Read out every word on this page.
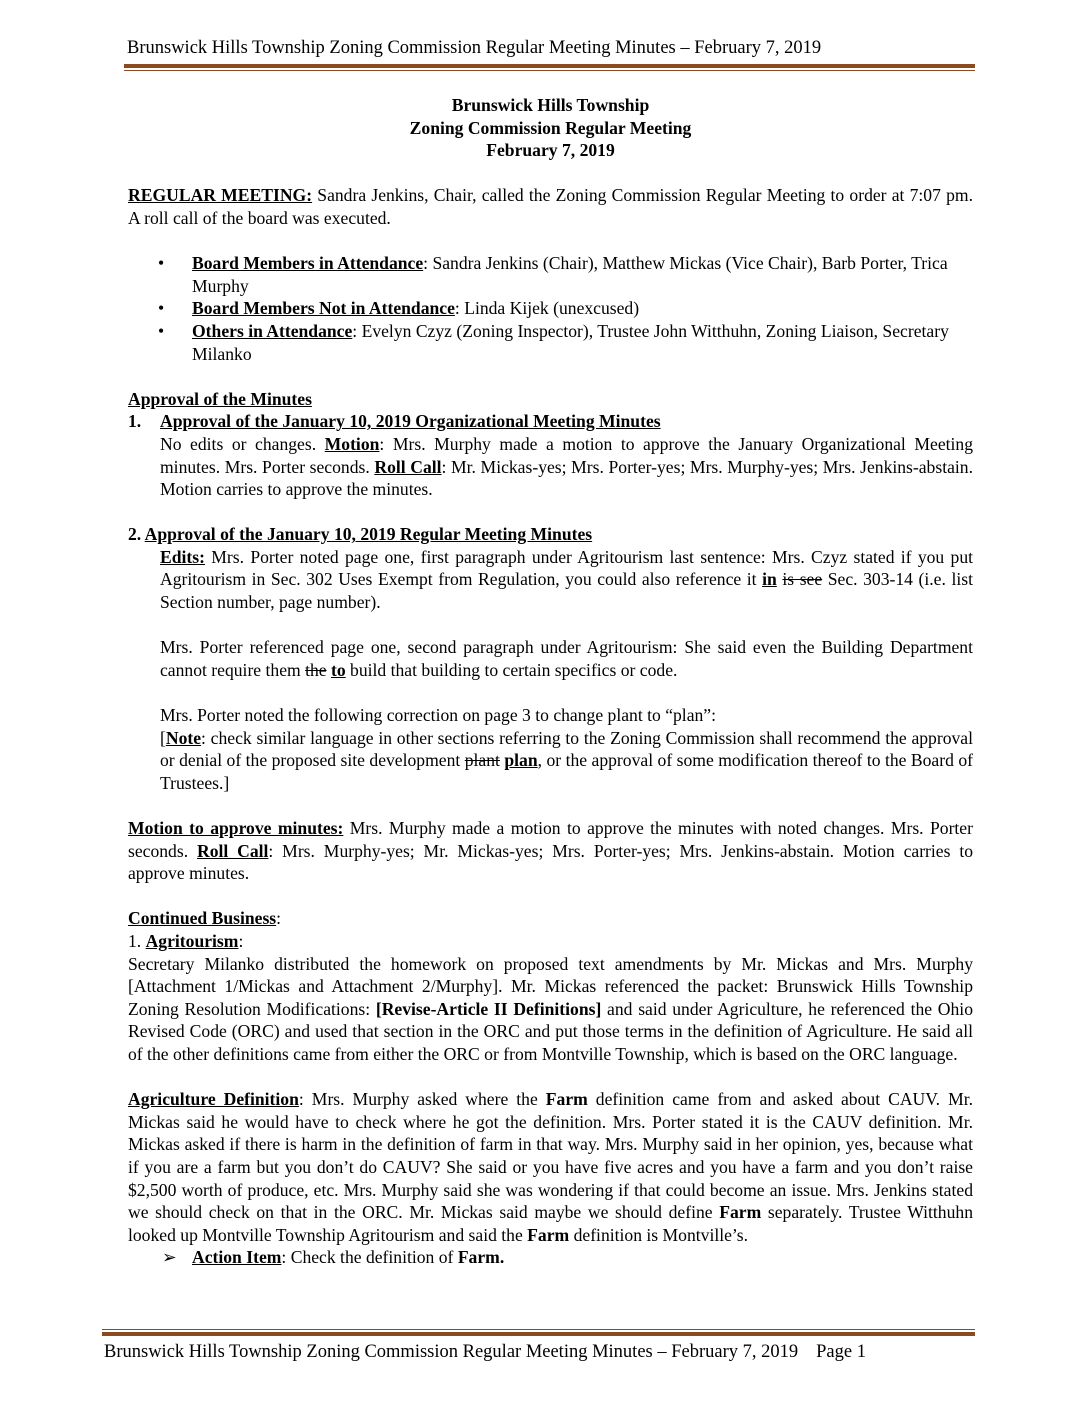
Brunswick Hills Township Zoning Commission Regular Meeting Minutes – February 7, 2019
Brunswick Hills Township
Zoning Commission Regular Meeting
February 7, 2019

REGULAR MEETING: Sandra Jenkins, Chair, called the Zoning Commission Regular Meeting to order at 7:07 pm. A roll call of the board was executed.

• Board Members in Attendance: Sandra Jenkins (Chair), Matthew Mickas (Vice Chair), Barb Porter, Trica Murphy
• Board Members Not in Attendance: Linda Kijek (unexcused)
• Others in Attendance: Evelyn Czyz (Zoning Inspector), Trustee John Witthuhn, Zoning Liaison, Secretary Milanko

Approval of the Minutes

1.	Approval of the January 10, 2019 Organizational Meeting Minutes

No edits or changes. Motion: Mrs. Murphy made a motion to approve the January Organizational Meeting minutes. Mrs. Porter seconds. Roll Call: Mr. Mickas-yes; Mrs. Porter-yes; Mrs. Murphy-yes; Mrs. Jenkins-abstain. Motion carries to approve the minutes.

2. Approval of the January 10, 2019 Regular Meeting Minutes

Edits: Mrs. Porter noted page one, first paragraph under Agritourism last sentence: Mrs. Czyz stated if you put Agritourism in Sec. 302 Uses Exempt from Regulation, you could also reference it in is see Sec. 303-14 (i.e. list Section number, page number).

Mrs. Porter referenced page one, second paragraph under Agritourism: She said even the Building Department cannot require them the to build that building to certain specifics or code.

Mrs. Porter noted the following correction on page 3 to change plant to “plan”:

[Note: check similar language in other sections referring to the Zoning Commission shall recommend the approval or denial of the proposed site development plant plan, or the approval of some modification thereof to the Board of Trustees.]

Motion to approve minutes: Mrs. Murphy made a motion to approve the minutes with noted changes. Mrs. Porter seconds. Roll Call: Mrs. Murphy-yes; Mr. Mickas-yes; Mrs. Porter-yes; Mrs. Jenkins-abstain. Motion carries to approve minutes.

Continued Business:

1. Agritourism:

Secretary Milanko distributed the homework on proposed text amendments by Mr. Mickas and Mrs. Murphy [Attachment 1/Mickas and Attachment 2/Murphy]. Mr. Mickas referenced the packet: Brunswick Hills Township Zoning Resolution Modifications: [Revise-Article II Definitions] and said under Agriculture, he referenced the Ohio Revised Code (ORC) and used that section in the ORC and put those terms in the definition of Agriculture. He said all of the other definitions came from either the ORC or from Montville Township, which is based on the ORC language.

Agriculture Definition: Mrs. Murphy asked where the Farm definition came from and asked about CAUV. Mr. Mickas said he would have to check where he got the definition. Mrs. Porter stated it is the CAUV definition. Mr. Mickas asked if there is harm in the definition of farm in that way. Mrs. Murphy said in her opinion, yes, because what if you are a farm but you don’t do CAUV? She said or you have five acres and you have a farm and you don’t raise $2,500 worth of produce, etc. Mrs. Murphy said she was wondering if that could become an issue. Mrs. Jenkins stated we should check on that in the ORC. Mr. Mickas said maybe we should define Farm separately. Trustee Witthuhn looked up Montville Township Agritourism and said the Farm definition is Montville’s.

➢ Action Item: Check the definition of Farm.

Brunswick Hills Township Zoning Commission Regular Meeting Minutes – February 7, 2019 Page 1
